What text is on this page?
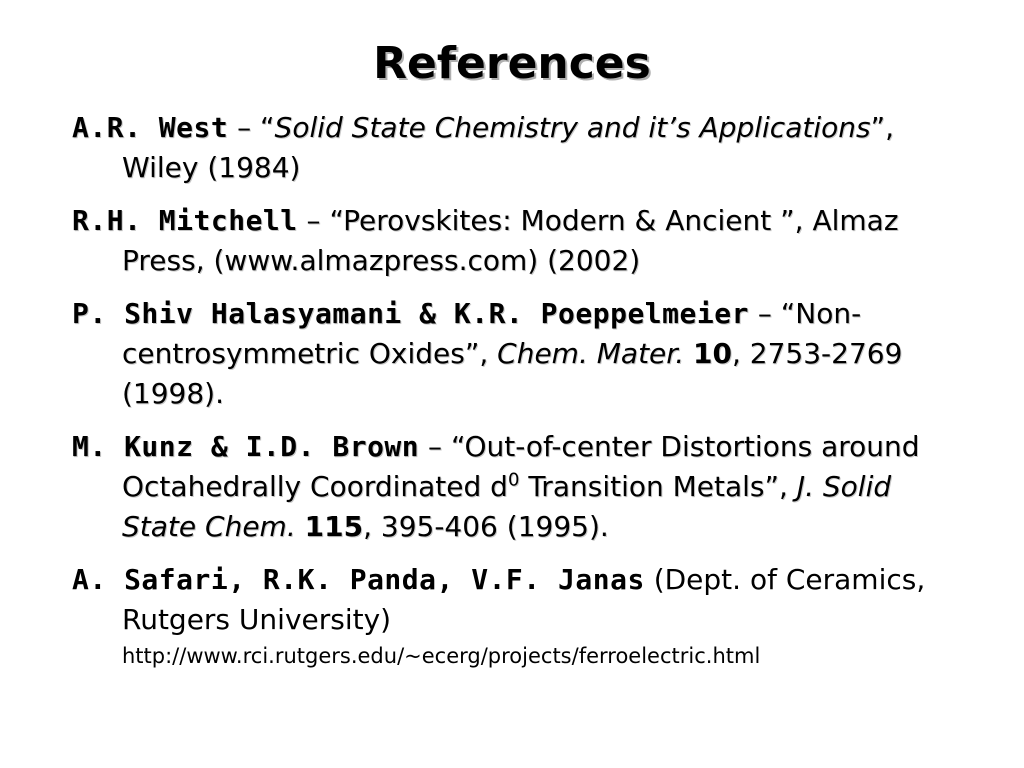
References
A.R. West – “Solid State Chemistry and it’s Applications”, Wiley (1984)
R.H. Mitchell – “Perovskites: Modern & Ancient ”, Almaz Press, (www.almazpress.com) (2002)
P. Shiv Halasyamani & K.R. Poeppelmeier – “Non-centrosymmetric Oxides”, Chem. Mater. 10, 2753-2769 (1998).
M. Kunz & I.D. Brown – “Out-of-center Distortions around Octahedrally Coordinated $d^0$ Transition Metals”, J. Solid State Chem. 115, 395-406 (1995).
A. Safari, R.K. Panda, V.F. Janas (Dept. of Ceramics, Rutgers University)
http://www.rci.rutgers.edu/~ecerg/projects/ferroelectric.html
